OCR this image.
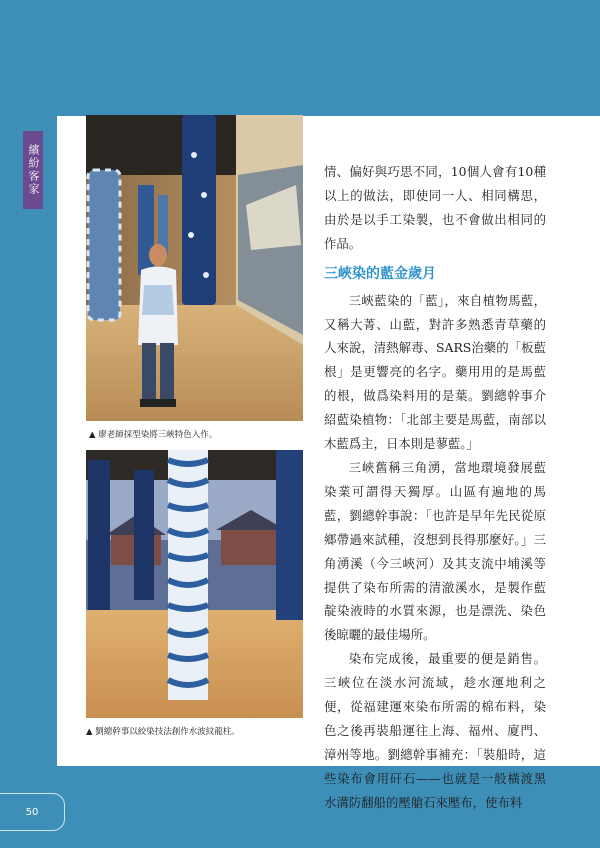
繽紛客家
▲ 廖老師採型染將三峽特色入作。
▲ 劉總幹事以絞染技法創作水波紋龍柱。

情、偏好與巧思不同，10個人會有10種以上的做法，即使同一人、相同構思，由於是以手工染製，也不會做出相同的作品。

三峽染的藍金歲月

三峽藍染的「藍」，來自植物馬藍，又稱大菁、山藍，對許多熟悉青草藥的人來說，清熱解毒、SARS治藥的「板藍根」是更響亮的名字。藥用用的是馬藍的根，做爲染料用的是葉。劉總幹事介紹藍染植物：「北部主要是馬藍，南部以木藍爲主，日本則是蓼藍。」

三峽舊稱三角湧，當地環境發展藍染業可謂得天獨厚。山區有遍地的馬藍，劉總幹事說：「也許是早年先民從原鄉帶過來試種，沒想到長得那麼好。」三角湧溪（今三峽河）及其支流中埔溪等提供了染布所需的清澈溪水，是製作藍靛染液時的水質來源，也是漂洗、染色後晾曬的最佳場所。

染布完成後，最重要的便是銷售。三峽位在淡水河流域，趁水運地利之便，從福建運來染布所需的棉布料，染色之後再裝船運往上海、福州、廈門、漳州等地。劉總幹事補充：「裝船時，這些染布會用矸石——也就是一般橫渡黑水溝防翻船的壓艙石來壓布，使布料

50
